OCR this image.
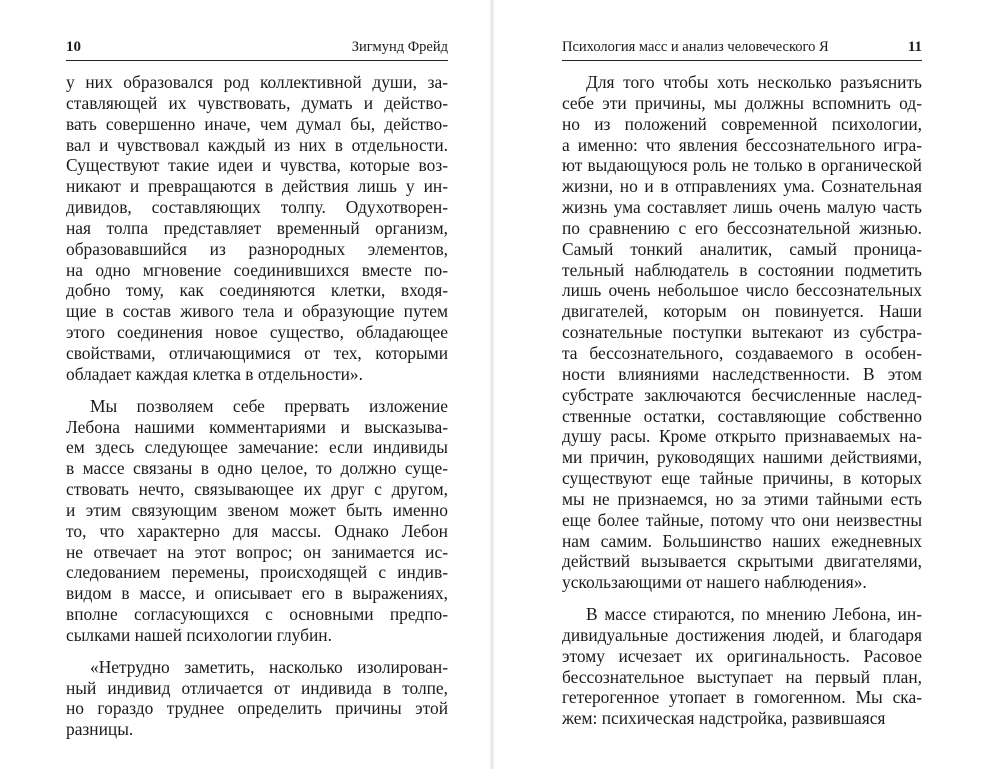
10	Зигмунд Фрейд
у них образовался род коллективной души, за-
ставляющей их чувствовать, думать и действо-
вать совершенно иначе, чем думал бы, действо-
вал и чувствовал каждый из них в отдельности.
Существуют такие идеи и чувства, которые воз-
никают и превращаются в действия лишь у ин-
дивидов, составляющих толпу. Одухотворен-
ная толпа представляет временный организм,
образовавшийся из разнородных элементов,
на одно мгновение соединившихся вместе по-
добно тому, как соединяются клетки, входя-
щие в состав живого тела и образующие путем
этого соединения новое существо, обладающее
свойствами, отличающимися от тех, которыми
обладает каждая клетка в отдельности».
Мы позволяем себе прервать изложение
Лебона нашими комментариями и высказыва-
ем здесь следующее замечание: если индивиды
в массе связаны в одно целое, то должно суще-
ствовать нечто, связывающее их друг с другом,
и этим связующим звеном может быть именно
то, что характерно для массы. Однако Лебон
не отвечает на этот вопрос; он занимается ис-
следованием перемены, происходящей с индив-
видом в массе, и описывает его в выражениях,
вполне согласующихся с основными предпо-
сылками нашей психологии глубин.
«Нетрудно заметить, насколько изолирован-
ный индивид отличается от индивида в толпе,
но гораздо труднее определить причины этой
разницы.
Психология масс и анализ человеческого Я	11
Для того чтобы хоть несколько разъяснить
себе эти причины, мы должны вспомнить од-
но из положений современной психологии,
а именно: что явления бессознательного игра-
ют выдающуюся роль не только в органической
жизни, но и в отправлениях ума. Сознательная
жизнь ума составляет лишь очень малую часть
по сравнению с его бессознательной жизнью.
Самый тонкий аналитик, самый проница-
тельный наблюдатель в состоянии подметить
лишь очень небольшое число бессознательных
двигателей, которым он повинуется. Наши
сознательные поступки вытекают из субстра-
та бессознательного, создаваемого в особен-
ности влияниями наследственности. В этом
субстрате заключаются бесчисленные наслед-
ственные остатки, составляющие собственно
душу расы. Кроме открыто признаваемых на-
ми причин, руководящих нашими действиями,
существуют еще тайные причины, в которых
мы не признаемся, но за этими тайными есть
еще более тайные, потому что они неизвестны
нам самим. Большинство наших ежедневных
действий вызывается скрытыми двигателями,
ускользающими от нашего наблюдения».
В массе стираются, по мнению Лебона, ин-
дивидуальные достижения людей, и благодаря
этому исчезает их оригинальность. Расовое
бессознательное выступает на первый план,
гетерогенное утопает в гомогенном. Мы ска-
жем: психическая надстройка, развившаяся
